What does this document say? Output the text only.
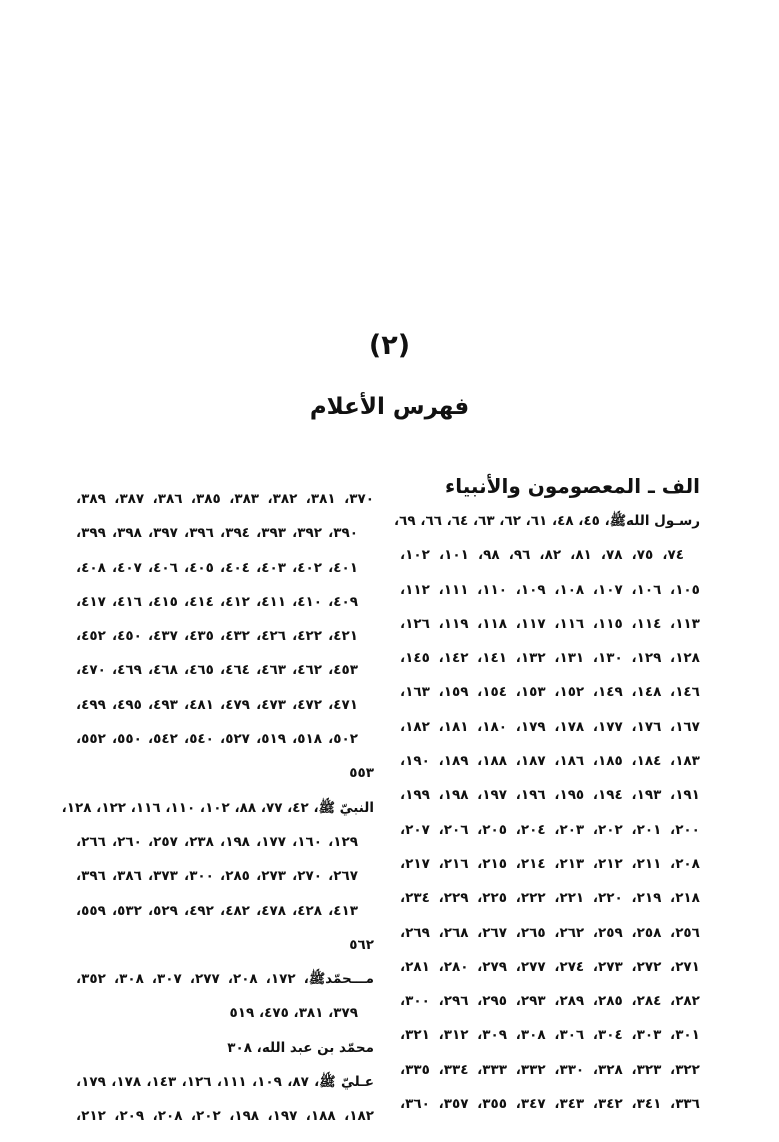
(٢)
فهرس الأعلام
الف ـ المعصومون والأنبياء
رسـول اللهﷺ، ٤٥، ٤٨، ٦١، ٦٢، ٦٣، ٦٤، ٦٦، ٦٩،
٧٤، ٧٥، ٧٨، ٨١، ٨٢، ٩٦، ٩٨، ١٠١، ١٠٢،
١٠٥، ١٠٦، ١٠٧، ١٠٨، ١٠٩، ١١٠، ١١١، ١١٢،
١١٣، ١١٤، ١١٥، ١١٦، ١١٧، ١١٨، ١١٩، ١٢٦،
١٢٨، ١٢٩، ١٣٠، ١٣١، ١٣٢، ١٤١، ١٤٢، ١٤٥،
١٤٦، ١٤٨، ١٤٩، ١٥٢، ١٥٣، ١٥٤، ١٥٩، ١٦٣،
١٦٧، ١٧٦، ١٧٧، ١٧٨، ١٧٩، ١٨٠، ١٨١، ١٨٢،
١٨٣، ١٨٤، ١٨٥، ١٨٦، ١٨٧، ١٨٨، ١٨٩، ١٩٠،
١٩١، ١٩٣، ١٩٤، ١٩٥، ١٩٦، ١٩٧، ١٩٨، ١٩٩،
٢٠٠، ٢٠١، ٢٠٢، ٢٠٣، ٢٠٤، ٢٠٥، ٢٠٦، ٢٠٧،
٢٠٨، ٢١١، ٢١٢، ٢١٣، ٢١٤، ٢١٥، ٢١٦، ٢١٧،
٢١٨، ٢١٩، ٢٢٠، ٢٢١، ٢٢٢، ٢٢٥، ٢٢٩، ٢٣٤،
٢٥٦، ٢٥٨، ٢٥٩، ٢٦٢، ٢٦٥، ٢٦٧، ٢٦٨، ٢٦٩،
٢٧١، ٢٧٢، ٢٧٣، ٢٧٤، ٢٧٧، ٢٧٩، ٢٨٠، ٢٨١،
٢٨٢، ٢٨٤، ٢٨٥، ٢٨٩، ٢٩٣، ٢٩٥، ٢٩٦، ٣٠٠،
٣٠١، ٣٠٣، ٣٠٤، ٣٠٦، ٣٠٨، ٣٠٩، ٣١٢، ٣٢١،
٣٢٢، ٣٢٣، ٣٢٨، ٣٣٠، ٣٣٢، ٣٣٣، ٣٣٤، ٣٣٥،
٣٣٦، ٣٤١، ٣٤٢، ٣٤٣، ٣٤٧، ٣٥٥، ٣٥٧، ٣٦٠،
٣٧٠، ٣٨١، ٣٨٢، ٣٨٣، ٣٨٥، ٣٨٦، ٣٨٧، ٣٨٩،
٣٩٠، ٣٩٢، ٣٩٣، ٣٩٤، ٣٩٦، ٣٩٧، ٣٩٨، ٣٩٩،
٤٠١، ٤٠٢، ٤٠٣، ٤٠٤، ٤٠٥، ٤٠٦، ٤٠٧، ٤٠٨،
٤٠٩، ٤١٠، ٤١١، ٤١٢، ٤١٤، ٤١٥، ٤١٦، ٤١٧،
٤٢١، ٤٢٢، ٤٢٦، ٤٣٢، ٤٣٥، ٤٣٧، ٤٥٠، ٤٥٢،
٤٥٣، ٤٦٢، ٤٦٣، ٤٦٤، ٤٦٥، ٤٦٨، ٤٦٩، ٤٧٠،
٤٧١، ٤٧٢، ٤٧٣، ٤٧٩، ٤٨١، ٤٩٣، ٤٩٥، ٤٩٩،
٥٠٢، ٥١٨، ٥١٩، ٥٢٧، ٥٤٠، ٥٤٢، ٥٥٠، ٥٥٢،
٥٥٣
النبيّ ﷺ، ٤٢، ٧٧، ٨٨، ١٠٢، ١١٠، ١١٦، ١٢٢، ١٢٨،
١٢٩، ١٦٠، ١٧٧، ١٩٨، ٢٣٨، ٢٥٧، ٢٦٠، ٢٦٦،
٢٦٧، ٢٧٠، ٢٧٣، ٢٨٥، ٣٠٠، ٣٧٣، ٣٨٦، ٣٩٦،
٤١٣، ٤٢٨، ٤٧٨، ٤٨٢، ٤٩٢، ٥٢٩، ٥٣٢، ٥٥٩،
٥٦٢
مـــحمّدﷺ، ١٧٢، ٢٠٨، ٢٧٧، ٣٠٧، ٣٠٨، ٣٥٢،
٣٧٩، ٣٨١، ٤٧٥، ٥١٩
محمّد بن عبد الله، ٣٠٨
عـليّ ﷺ، ٨٧، ١٠٩، ١١١، ١٢٦، ١٤٣، ١٧٨، ١٧٩،
١٨٢، ١٨٨، ١٩٧، ١٩٨، ٢٠٢، ٢٠٨، ٢٠٩، ٢١٢،
